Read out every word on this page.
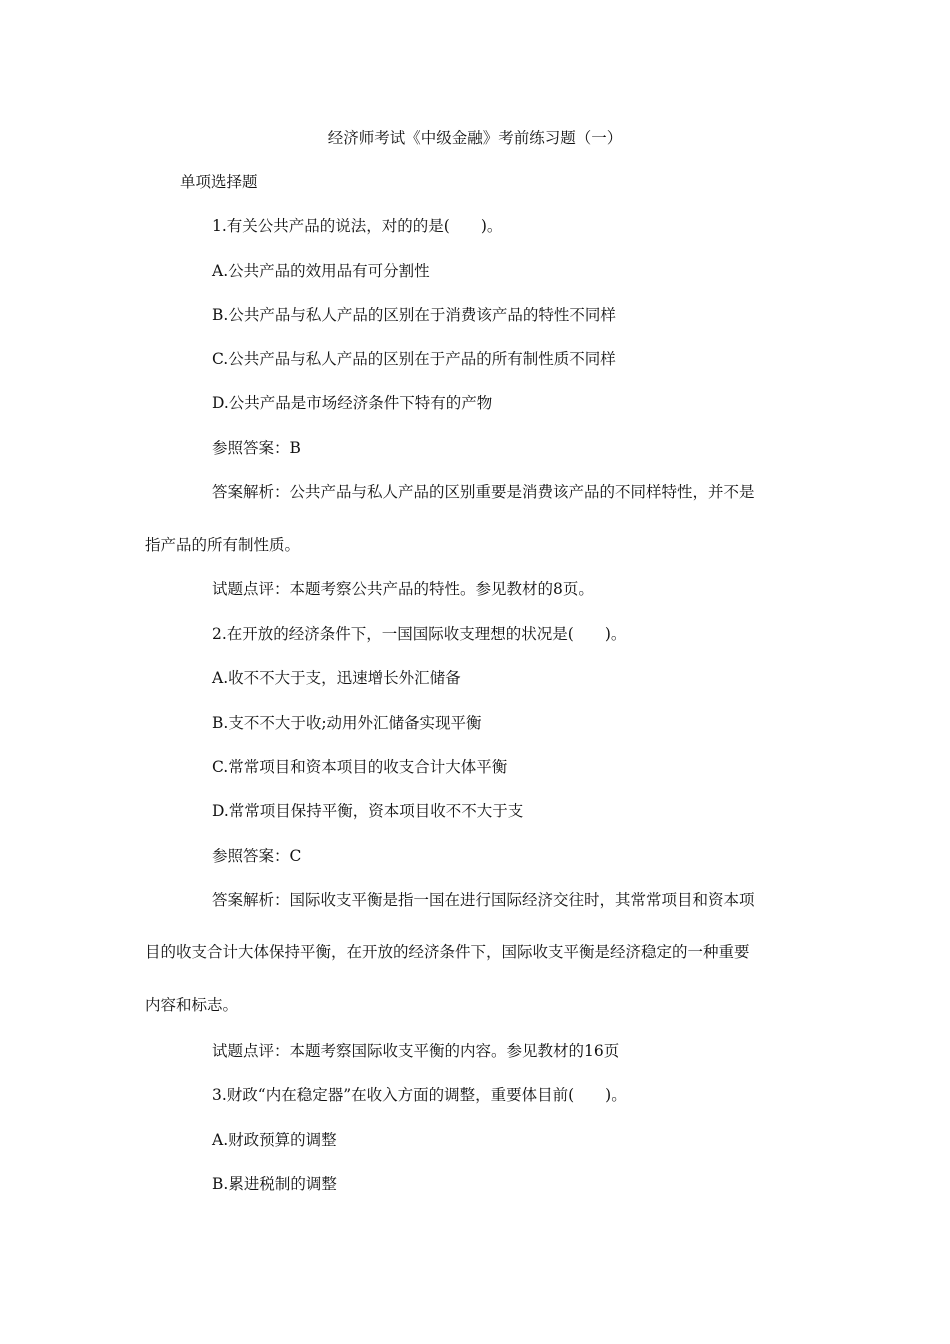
经济师考试《中级金融》考前练习题（一）
单项选择题
1.有关公共产品的说法，对的的是(　　)。
A.公共产品的效用品有可分割性
B.公共产品与私人产品的区别在于消费该产品的特性不同样
C.公共产品与私人产品的区别在于产品的所有制性质不同样
D.公共产品是市场经济条件下特有的产物
参照答案：B
答案解析：公共产品与私人产品的区别重要是消费该产品的不同样特性，并不是
指产品的所有制性质。
试题点评：本题考察公共产品的特性。参见教材的8页。
2.在开放的经济条件下，一国国际收支理想的状况是(　　)。
A.收不不大于支，迅速增长外汇储备
B.支不不大于收;动用外汇储备实现平衡
C.常常项目和资本项目的收支合计大体平衡
D.常常项目保持平衡，资本项目收不不大于支
参照答案：C
答案解析：国际收支平衡是指一国在进行国际经济交往时，其常常项目和资本项
目的收支合计大体保持平衡，在开放的经济条件下，国际收支平衡是经济稳定的一种重要
内容和标志。
试题点评：本题考察国际收支平衡的内容。参见教材的16页
3.财政“内在稳定器”在收入方面的调整，重要体目前(　　)。
A.财政预算的调整
B.累进税制的调整
